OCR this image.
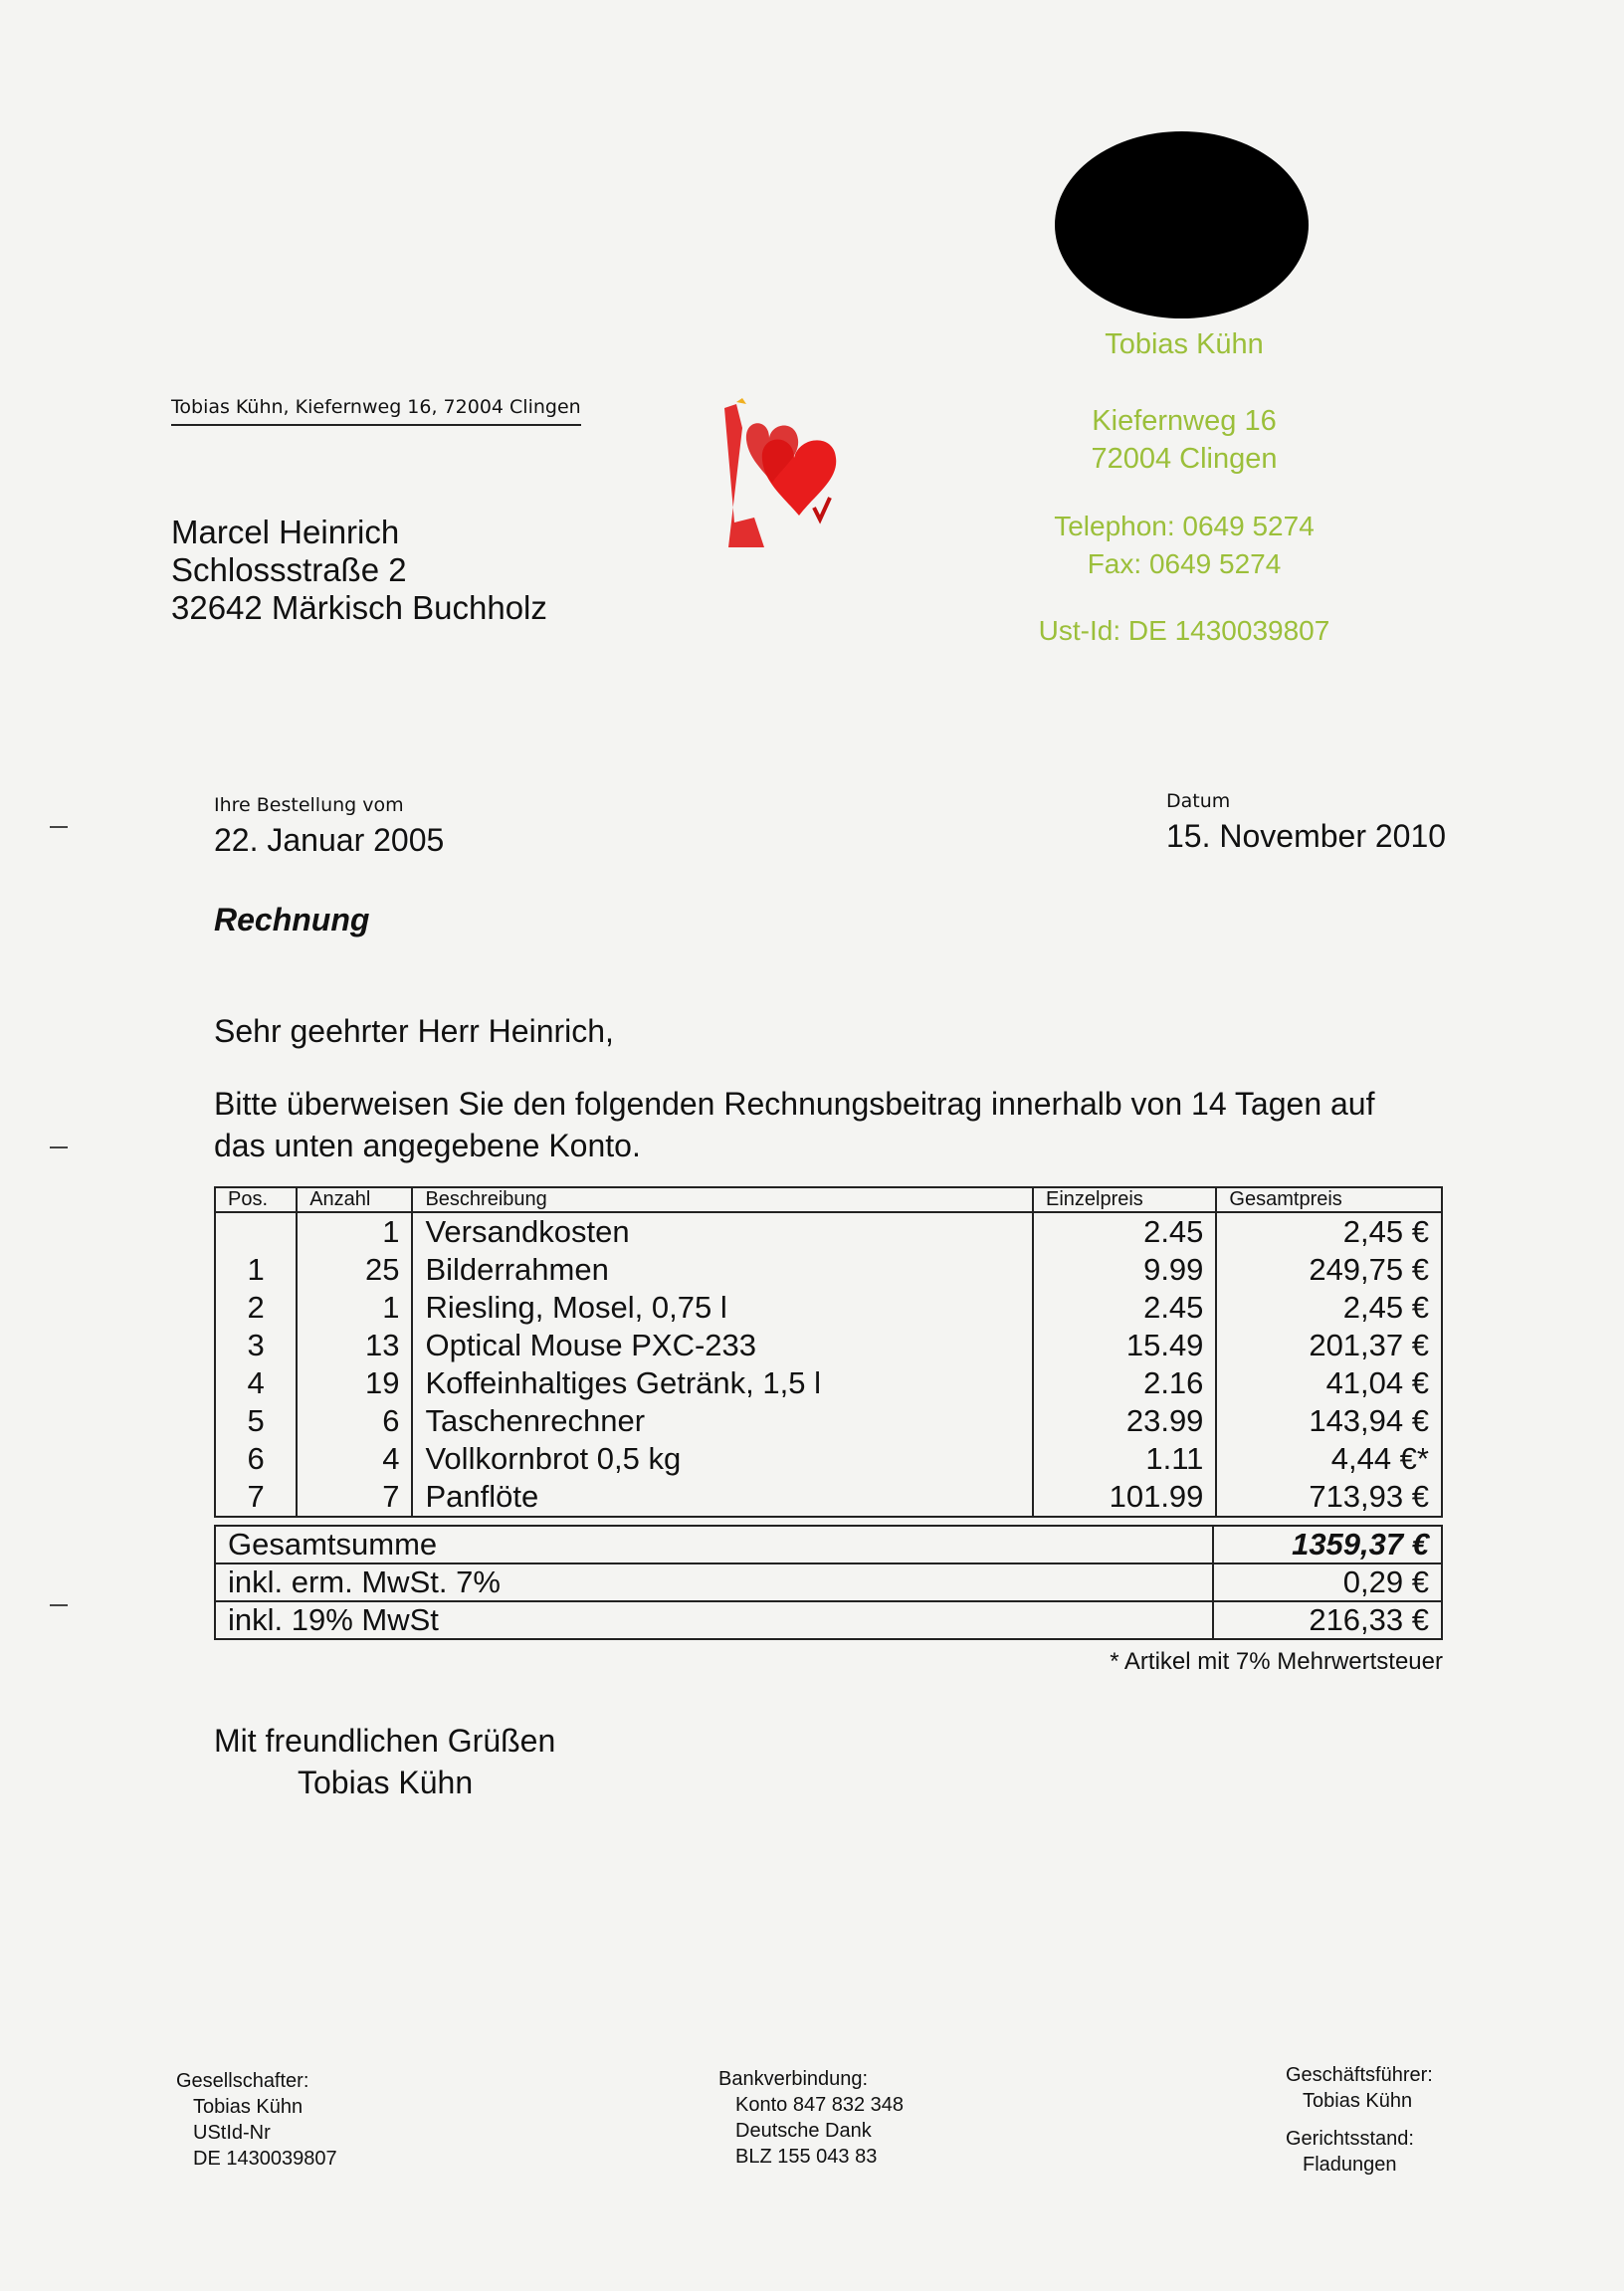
Tobias Kühn
Kiefernweg 16
72004 Clingen
Telephon: 0649 5274
Fax: 0649 5274
Ust-Id: DE 1430039807
Tobias Kühn, Kiefernweg 16, 72004 Clingen
Marcel Heinrich
Schlossstraße 2
32642 Märkisch Buchholz
Ihre Bestellung vom
22. Januar 2005
Datum
15. November 2010
Rechnung
Sehr geehrter Herr Heinrich,
Bitte überweisen Sie den folgenden Rechnungsbeitrag innerhalb von 14 Tagen auf das unten angegebene Konto.
Pos.	Anzahl	Beschreibung	Einzelpreis	Gesamtpreis
	1	Versandkosten	2.45	2,45 €
1	25	Bilderrahmen	9.99	249,75 €
2	1	Riesling, Mosel, 0,75 l	2.45	2,45 €
3	13	Optical Mouse PXC-233	15.49	201,37 €
4	19	Koffeinhaltiges Getränk, 1,5 l	2.16	41,04 €
5	6	Taschenrechner	23.99	143,94 €
6	4	Vollkornbrot 0,5 kg	1.11	4,44 €*
7	7	Panflöte	101.99	713,93 €
Gesamtsumme	1359,37 €
inkl. erm. MwSt. 7%	0,29 €
inkl. 19% MwSt	216,33 €
* Artikel mit 7% Mehrwertsteuer
Mit freundlichen Grüßen
Tobias Kühn
Gesellschafter:
Tobias Kühn
UStId-Nr
DE 1430039807
Bankverbindung:
Konto 847 832 348
Deutsche Dank
BLZ 155 043 83
Geschäftsführer:
Tobias Kühn
Gerichtsstand:
Fladungen
